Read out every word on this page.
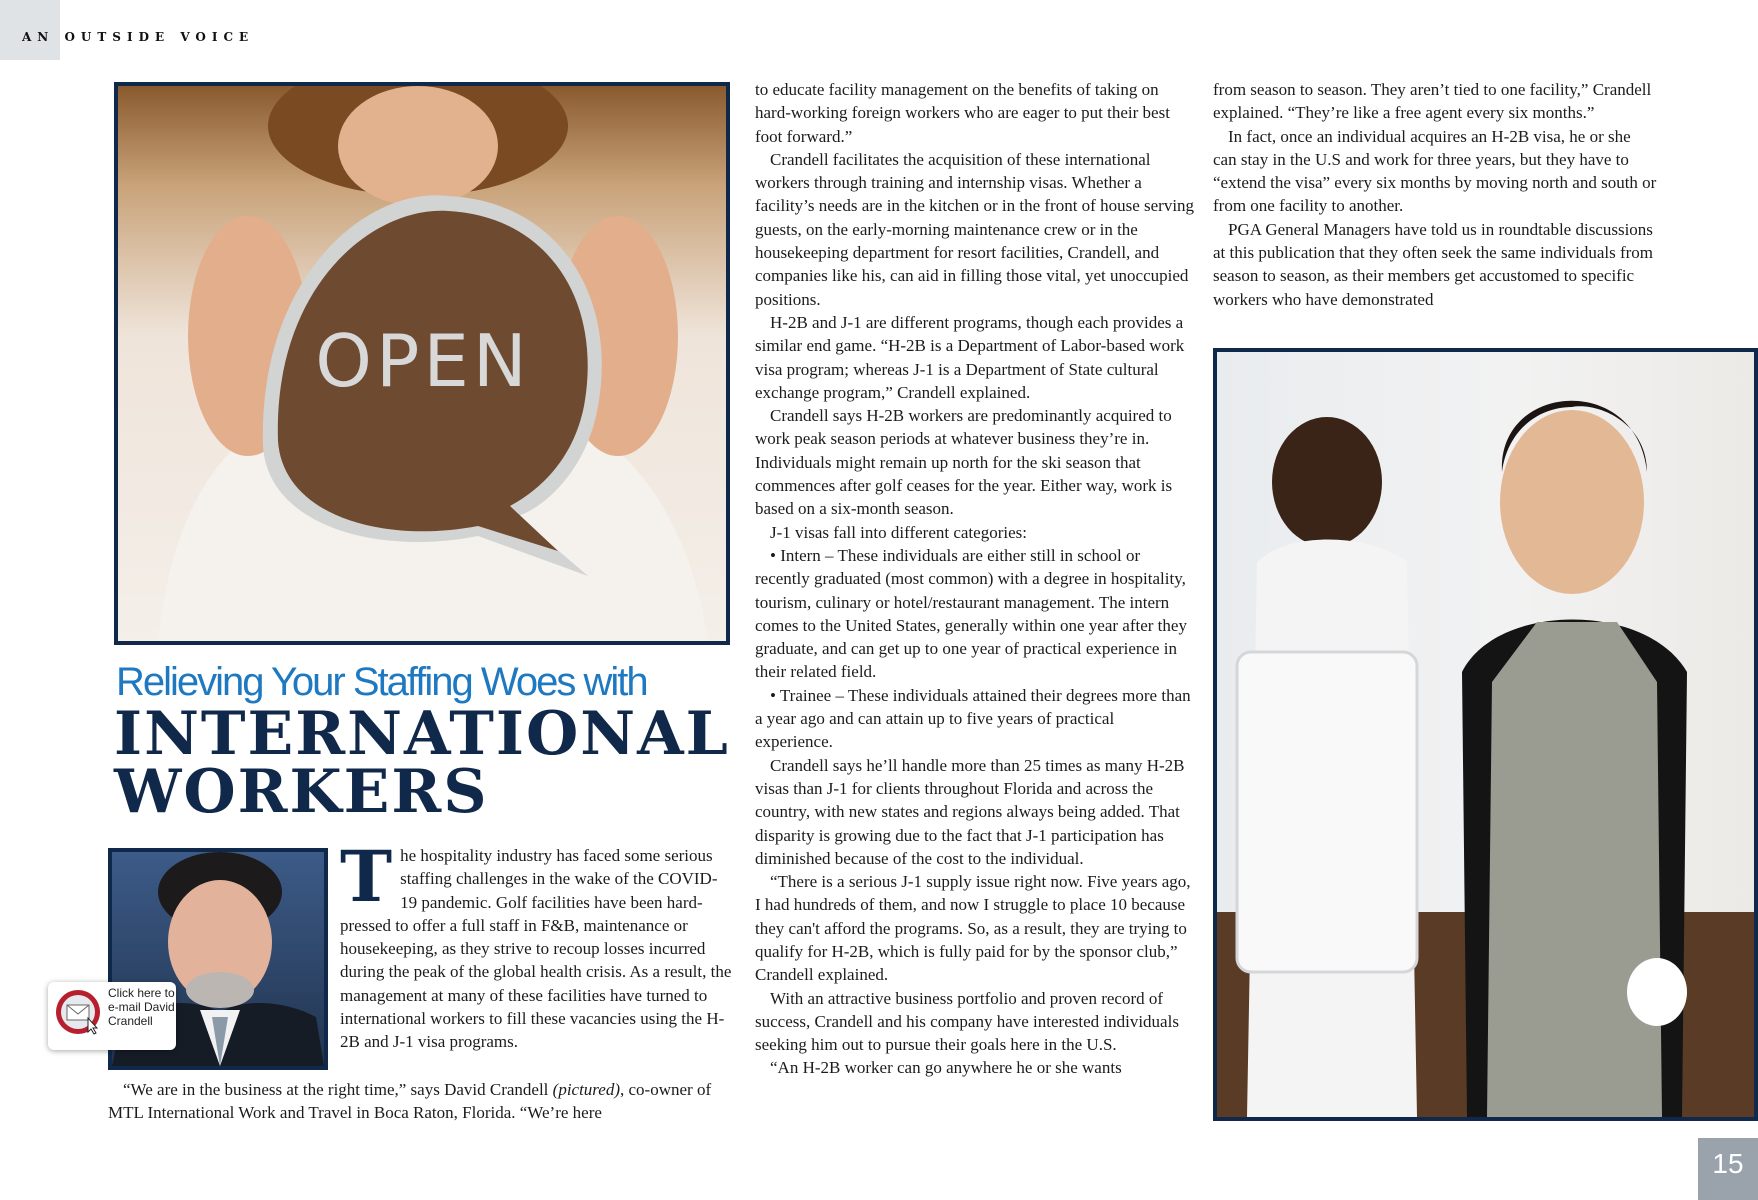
AN OUTSIDE VOICE
OPEN
Relieving Your Staffing Woes with
INTERNATIONAL
WORKERS
Click here to e-mail David Crandell
T he hospitality industry has faced some serious staffing challenges in the wake of the COVID-19 pandemic. Golf facilities have been hard-pressed to offer a full staff in F&B, maintenance or housekeeping, as they strive to recoup losses incurred during the peak of the global health crisis. As a result, the management at many of these facilities have turned to international workers to fill these vacancies using the H-2B and J-1 visa programs.

“We are in the business at the right time,” says David Crandell (pictured), co-owner of MTL International Work and Travel in Boca Raton, Florida. “We’re here

to educate facility management on the benefits of taking on hard-working foreign workers who are eager to put their best foot forward.”

Crandell facilitates the acquisition of these international workers through training and internship visas. Whether a facility’s needs are in the kitchen or in the front of house serving guests, on the early-morning maintenance crew or in the housekeeping department for resort facilities, Crandell, and companies like his, can aid in filling those vital, yet unoccupied positions.

H-2B and J-1 are different programs, though each provides a similar end game. “H-2B is a Department of Labor-based work visa program; whereas J-1 is a Department of State cultural exchange program,” Crandell explained.

Crandell says H-2B workers are predominantly acquired to work peak season periods at whatever business they’re in. Individuals might remain up north for the ski season that commences after golf ceases for the year. Either way, work is based on a six-month season.

J-1 visas fall into different categories:

• Intern – These individuals are either still in school or recently graduated (most common) with a degree in hospitality, tourism, culinary or hotel/restaurant management. The intern comes to the United States, generally within one year after they graduate, and can get up to one year of practical experience in their related field.

• Trainee – These individuals attained their degrees more than a year ago and can attain up to five years of practical experience.

Crandell says he’ll handle more than 25 times as many H-2B visas than J-1 for clients throughout Florida and across the country, with new states and regions always being added. That disparity is growing due to the fact that J-1 participation has diminished because of the cost to the individual.

“There is a serious J-1 supply issue right now. Five years ago, I had hundreds of them, and now I struggle to place 10 because they can't afford the programs. So, as a result, they are trying to qualify for H-2B, which is fully paid for by the sponsor club,” Crandell explained.

With an attractive business portfolio and proven record of success, Crandell and his company have interested individuals seeking him out to pursue their goals here in the U.S.

“An H-2B worker can go anywhere he or she wants

from season to season. They aren’t tied to one facility,” Crandell explained. “They’re like a free agent every six months.”

In fact, once an individual acquires an H-2B visa, he or she can stay in the U.S and work for three years, but they have to “extend the visa” every six months by moving north and south or from one facility to another.

PGA General Managers have told us in roundtable discussions at this publication that they often seek the same individuals from season to season, as their members get accustomed to specific workers who have demonstrated

15
